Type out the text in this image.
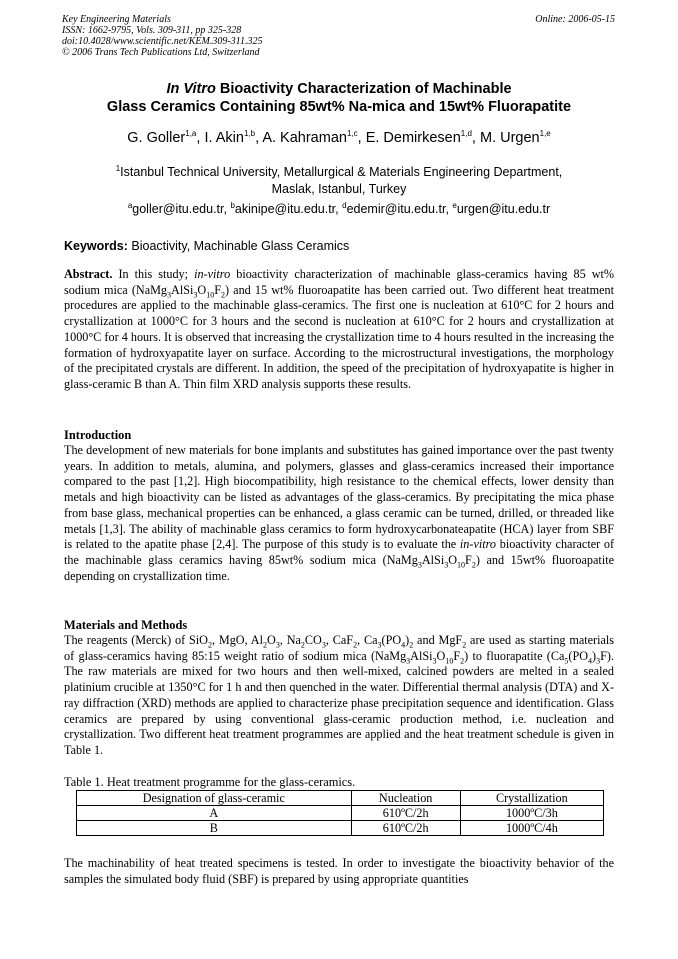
Key Engineering Materials
ISSN: 1662-9795, Vols. 309-311, pp 325-328
doi:10.4028/www.scientific.net/KEM.309-311.325
© 2006 Trans Tech Publications Ltd, Switzerland
Online: 2006-05-15
In Vitro Bioactivity Characterization of Machinable
Glass Ceramics Containing 85wt% Na-mica and 15wt% Fluorapatite
G. Goller$^{1,a}$, I. Akin$^{1,b}$, A. Kahraman$^{1,c}$, E. Demirkesen$^{1,d}$, M. Urgen$^{1,e}$
$^1$Istanbul Technical University, Metallurgical & Materials Engineering Department,
Maslak, Istanbul, Turkey
$^a$goller@itu.edu.tr, $^b$akinipe@itu.edu.tr, $^d$edemir@itu.edu.tr, $^e$urgen@itu.edu.tr
Keywords: Bioactivity, Machinable Glass Ceramics

Abstract. In this study; in-vitro bioactivity characterization of machinable glass-ceramics having 85 wt% sodium mica $(NaMg_3AlSi_3O_{10}F_2)$ and 15 wt% fluoroapatite has been carried out. Two different heat treatment procedures are applied to the machinable glass-ceramics. The first one is nucleation at 610°C for 2 hours and crystallization at 1000°C for 3 hours and the second is nucleation at 610°C for 2 hours and crystallization at 1000°C for 4 hours. It is observed that increasing the crystallization time to 4 hours resulted in the increasing the formation of hydroxyapatite layer on surface. According to the microstructural investigations, the morphology of the precipitated crystals are different. In addition, the speed of the precipitation of hydroxyapatite is higher in glass-ceramic B than A. Thin film XRD analysis supports these results.

Introduction

The development of new materials for bone implants and substitutes has gained importance over the past twenty years. In addition to metals, alumina, and polymers, glasses and glass-ceramics increased their importance compared to the past [1,2]. High biocompatibility, high resistance to the chemical effects, lower density than metals and high bioactivity can be listed as advantages of the glass-ceramics. By precipitating the mica phase from base glass, mechanical properties can be enhanced, a glass ceramic can be turned, drilled, or threaded like metals [1,3]. The ability of machinable glass ceramics to form hydroxycarbonateapatite (HCA) layer from SBF is related to the apatite phase [2,4]. The purpose of this study is to evaluate the in-vitro bioactivity character of the machinable glass ceramics having 85wt% sodium mica $(NaMg_3AlSi_3O_{10}F_2)$ and 15wt% fluoroapatite depending on crystallization time.

Materials and Methods

The reagents (Merck) of SiO$_2$, MgO, $Al_2O_3$, $Na_2CO_3$, CaF$_2$, $Ca_3(PO_4)_2$ and MgF$_2$ are used as starting materials of glass-ceramics having 85:15 weight ratio of sodium mica $(NaMg_3AlSi_3O_{10}F_2)$ to fluorapatite $(Ca_5(PO_4)_3F)$. The raw materials are mixed for two hours and then well-mixed, calcined powders are melted in a sealed platinium crucible at 1350°C for 1 h and then quenched in the water. Differential thermal analysis (DTA) and X-ray diffraction (XRD) methods are applied to characterize phase precipitation sequence and identification. Glass ceramics are prepared by using conventional glass-ceramic production method, i.e. nucleation and crystallization. Two different heat treatment programmes are applied and the heat treatment schedule is given in Table 1.

Table 1. Heat treatment programme for the glass-ceramics.
Designation of glass-ceramic	Nucleation	Crystallization
A	610ºC/2h	1000ºC/3h
B	610ºC/2h	1000ºC/4h

The machinability of heat treated specimens is tested. In order to investigate the bioactivity behavior of the samples the simulated body fluid (SBF) is prepared by using appropriate quantities
